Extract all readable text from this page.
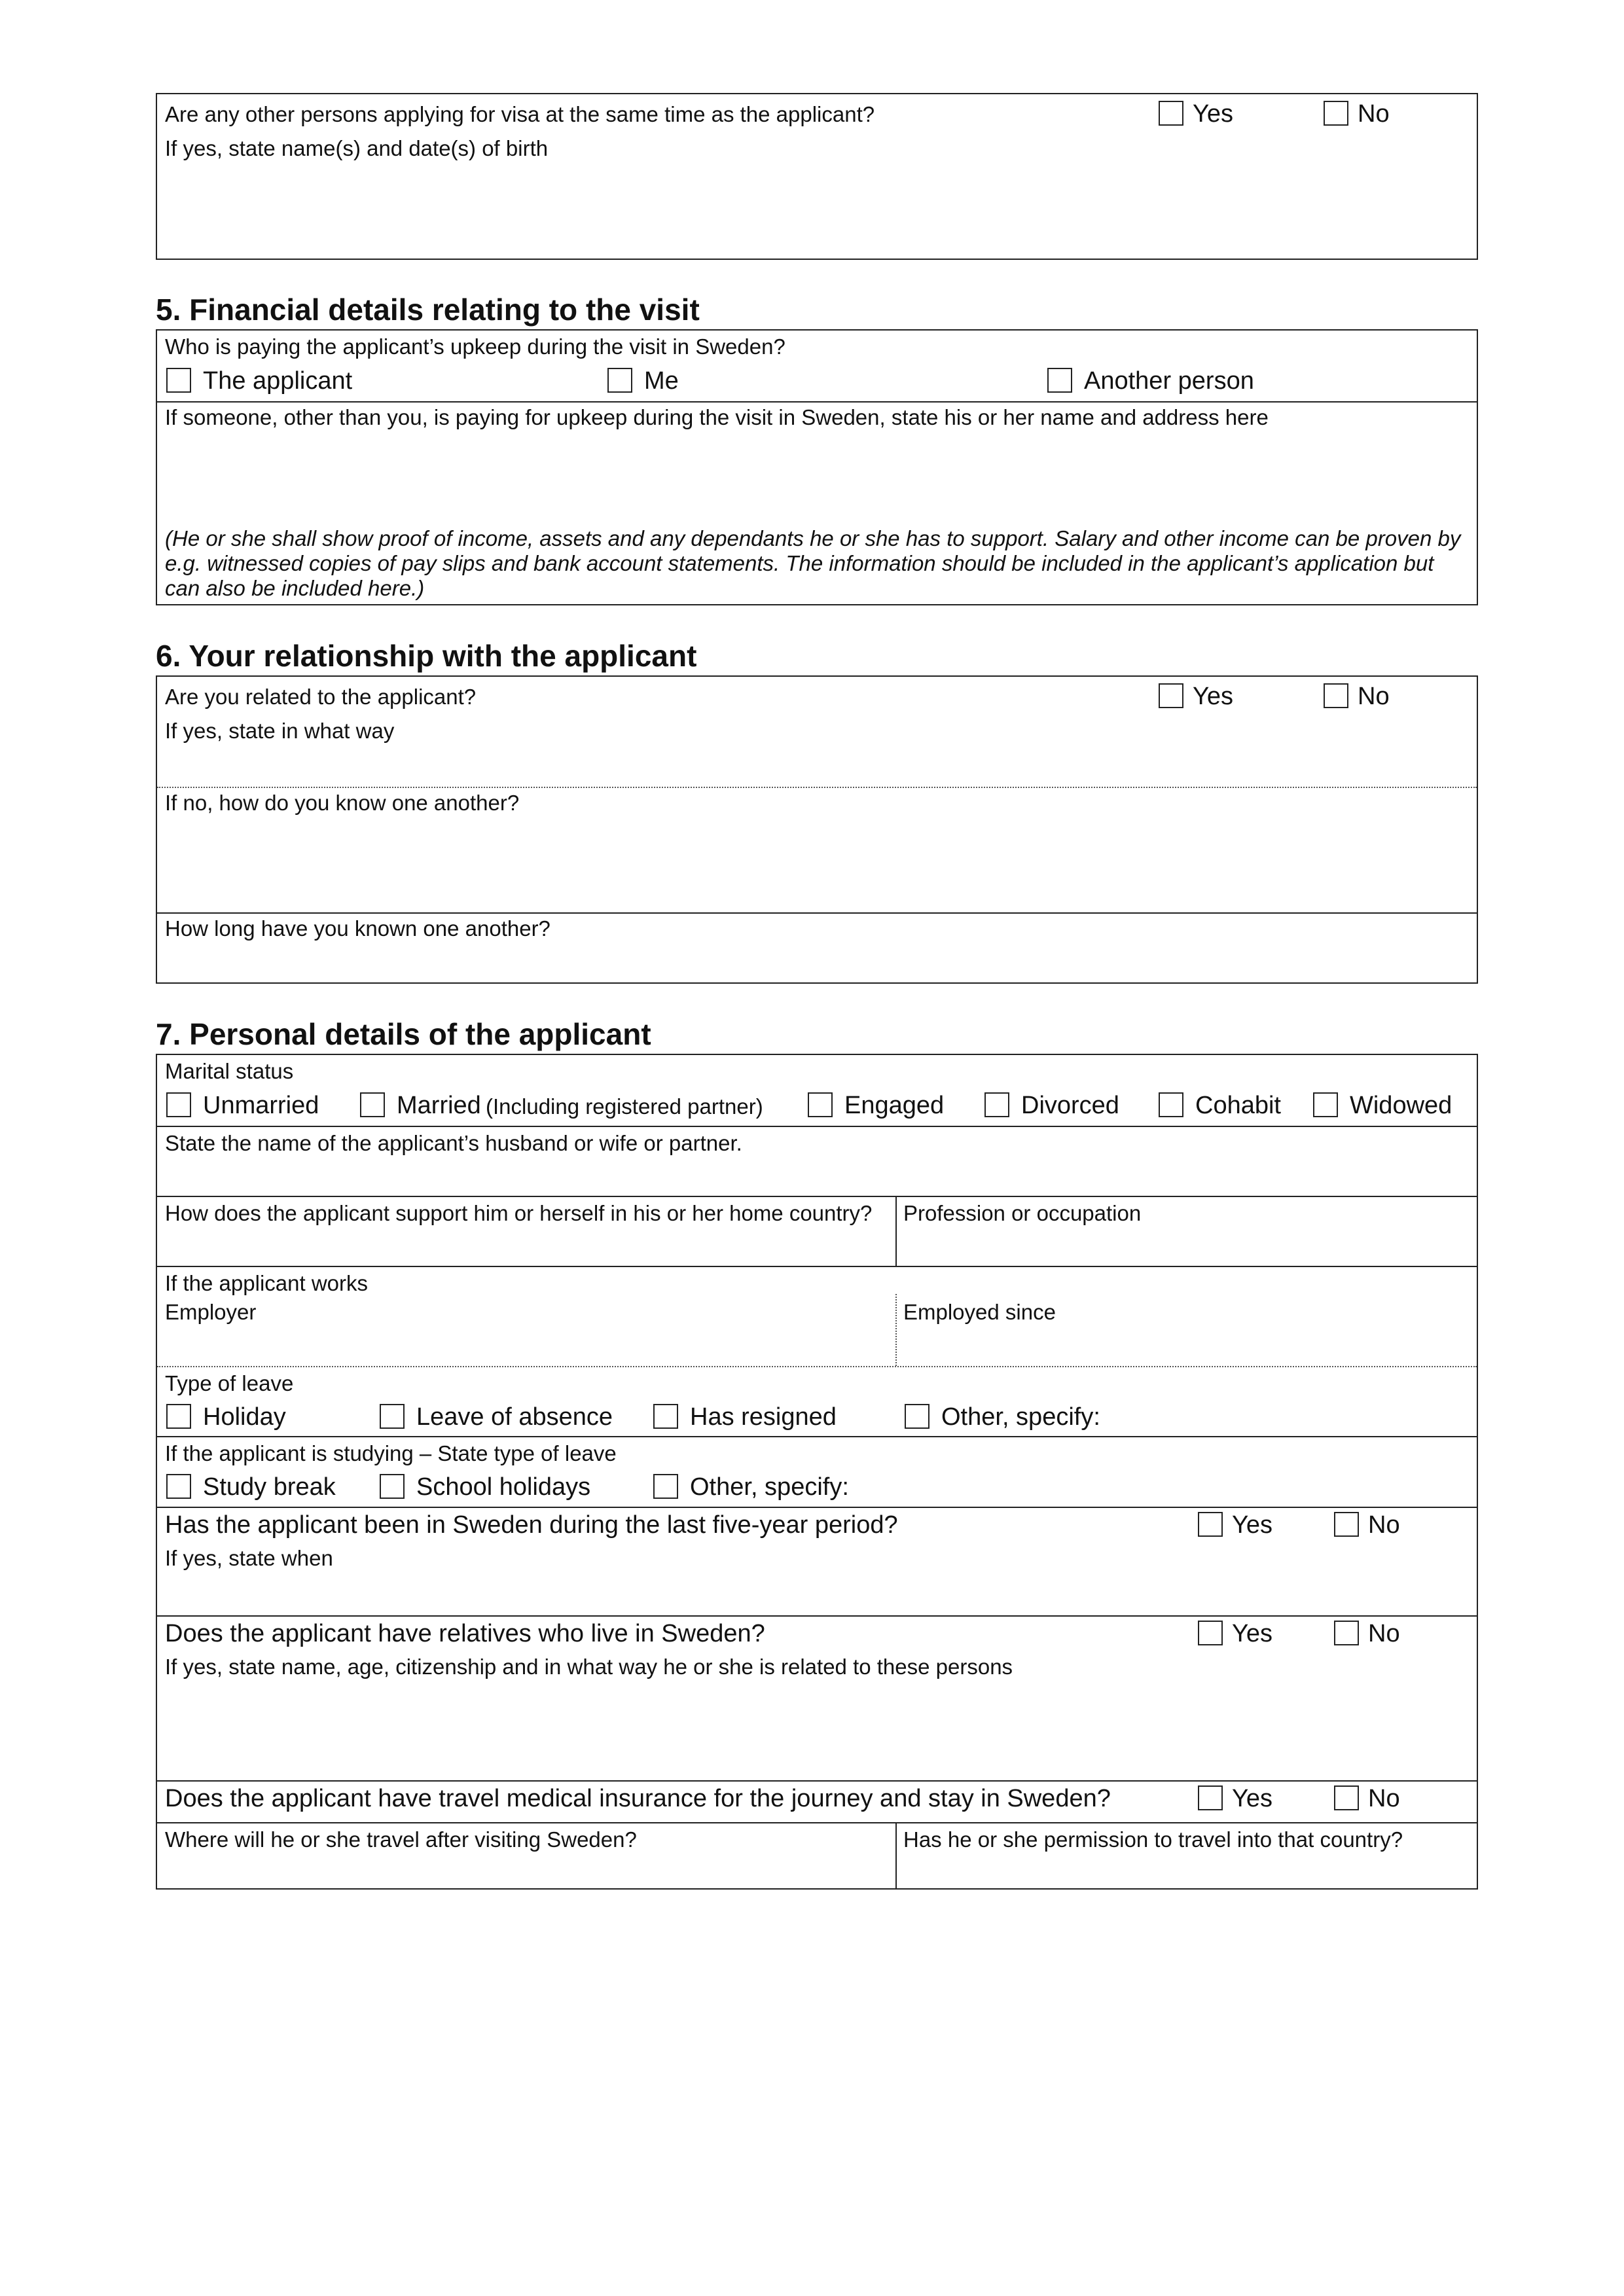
Are any other persons applying for visa at the same time as the applicant?	Yes	No
If yes, state name(s) and date(s) of birth
5. Financial details relating to the visit
Who is paying the applicant’s upkeep during the visit in Sweden?
The applicant	Me	Another person
If someone, other than you, is paying for upkeep during the visit in Sweden, state his or her name and address here
(He or she shall show proof of income, assets and any dependants he or she has to support. Salary and other income can be proven by e.g. witnessed copies of pay slips and bank account statements. The information should be included in the applicant’s application but can also be included here.)
6. Your relationship with the applicant
Are you related to the applicant?	Yes	No
If yes, state in what way
If no, how do you know one another?
How long have you known one another?
7. Personal details of the applicant
Marital status
Unmarried	Married (Including registered partner)	Engaged	Divorced	Cohabit	Widowed
State the name of the applicant’s husband or wife or partner.
How does the applicant support him or herself in his or her home country? Profession or occupation
If the applicant works
Employer	Employed since
Type of leave
Holiday	Leave of absence	Has resigned	Other, specify:
If the applicant is studying – State type of leave
Study break	School holidays	Other, specify:
Has the applicant been in Sweden during the last five-year period?	Yes	No
If yes, state when
Does the applicant have relatives who live in Sweden?	Yes	No
If yes, state name, age, citizenship and in what way he or she is related to these persons
Does the applicant have travel medical insurance for the journey and stay in Sweden?	Yes	No
Where will he or she travel after visiting Sweden?	Has he or she permission to travel into that country?
